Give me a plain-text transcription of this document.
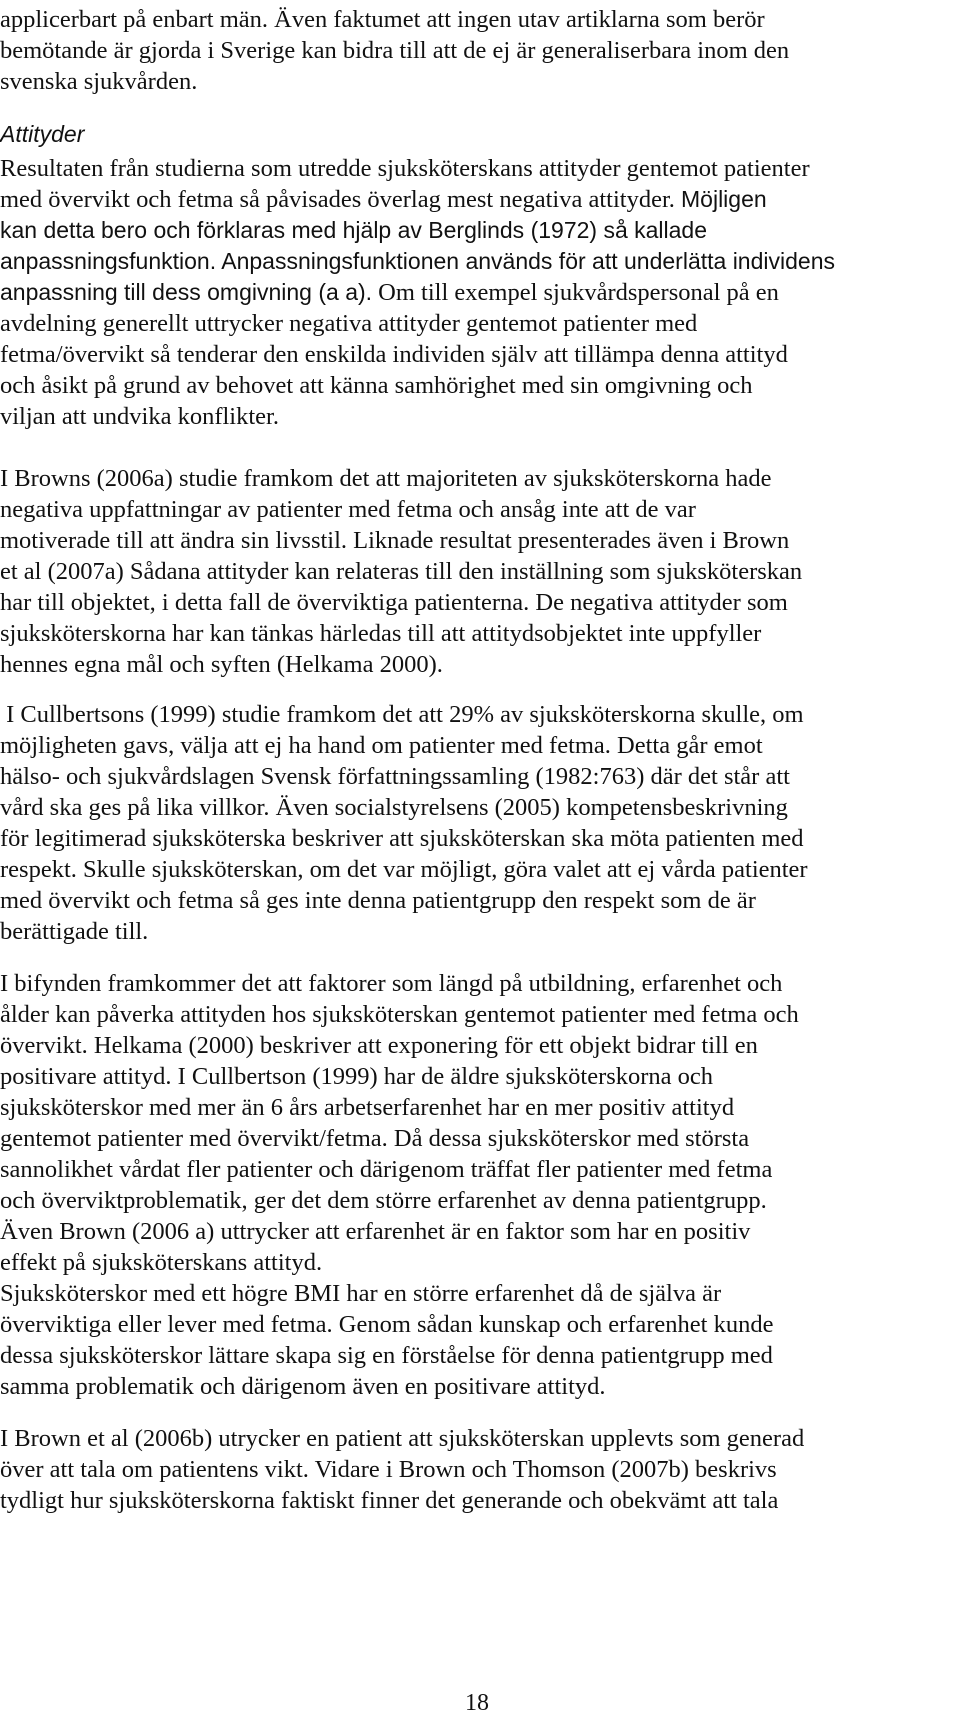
applicerbart på enbart män. Även faktumet att ingen utav artiklarna som berör
bemötande är gjorda i Sverige kan bidra till att de ej är generaliserbara inom den
svenska sjukvården.
Attityder
Resultaten från studierna som utredde sjuksköterskans attityder gentemot patienter
med övervikt och fetma så påvisades överlag mest negativa attityder. Möjligen
kan detta bero och förklaras med hjälp av Berglinds (1972) så kallade
anpassningsfunktion. Anpassningsfunktionen används för att underlätta individens
anpassning till dess omgivning (a a). Om till exempel sjukvårdspersonal på en
avdelning generellt uttrycker negativa attityder gentemot patienter med
fetma/övervikt så tenderar den enskilda individen själv att tillämpa denna attityd
och åsikt på grund av behovet att känna samhörighet med sin omgivning och
viljan att undvika konflikter.
I Browns (2006a) studie framkom det att majoriteten av sjuksköterskorna hade
negativa uppfattningar av patienter med fetma och ansåg inte att de var
motiverade till att ändra sin livsstil. Liknade resultat presenterades även i Brown
et al (2007a) Sådana attityder kan relateras till den inställning som sjuksköterskan
har till objektet, i detta fall de överviktiga patienterna. De negativa attityder som
sjuksköterskorna har kan tänkas härledas till att attitydsobjektet inte uppfyller
hennes egna mål och syften (Helkama 2000).
I Cullbertsons (1999) studie framkom det att 29% av sjuksköterskorna skulle, om
möjligheten gavs, välja att ej ha hand om patienter med fetma. Detta går emot
hälso- och sjukvårdslagen Svensk författningssamling (1982:763) där det står att
vård ska ges på lika villkor. Även socialstyrelsens (2005) kompetensbeskrivning
för legitimerad sjuksköterska beskriver att sjuksköterskan ska möta patienten med
respekt. Skulle sjuksköterskan, om det var möjligt, göra valet att ej vårda patienter
med övervikt och fetma så ges inte denna patientgrupp den respekt som de är
berättigade till.
I bifynden framkommer det att faktorer som längd på utbildning, erfarenhet och
ålder kan påverka attityden hos sjuksköterskan gentemot patienter med fetma och
övervikt. Helkama (2000) beskriver att exponering för ett objekt bidrar till en
positivare attityd. I Cullbertson (1999) har de äldre sjuksköterskorna och
sjuksköterskor med mer än 6 års arbetserfarenhet har en mer positiv attityd
gentemot patienter med övervikt/fetma. Då dessa sjuksköterskor med största
sannolikhet vårdat fler patienter och därigenom träffat fler patienter med fetma
och överviktproblematik, ger det dem större erfarenhet av denna patientgrupp.
Även Brown (2006 a) uttrycker att erfarenhet är en faktor som har en positiv
effekt på sjuksköterskans attityd.
Sjuksköterskor med ett högre BMI har en större erfarenhet då de själva är
överviktiga eller lever med fetma. Genom sådan kunskap och erfarenhet kunde
dessa sjuksköterskor lättare skapa sig en förståelse för denna patientgrupp med
samma problematik och därigenom även en positivare attityd.
I Brown et al (2006b) utrycker en patient att sjuksköterskan upplevts som generad
över att tala om patientens vikt. Vidare i Brown och Thomson (2007b) beskrivs
tydligt hur sjuksköterskorna faktiskt finner det generande och obekvämt att tala
18
